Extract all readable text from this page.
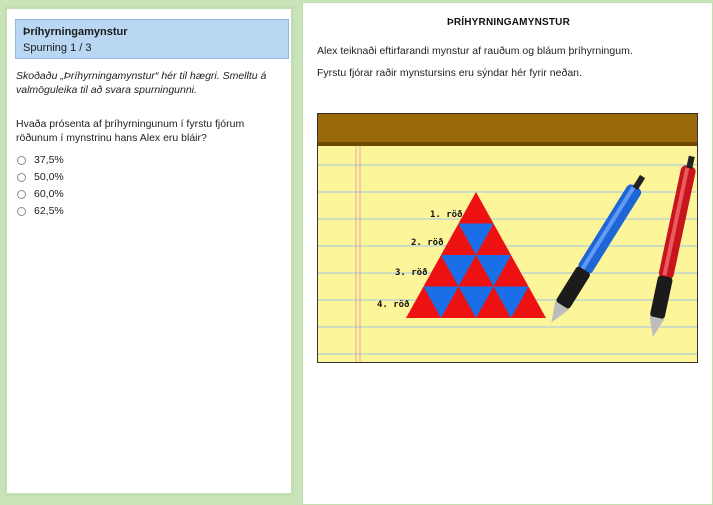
Þríhyrningamynstur
Spurning 1 / 3
Skoðaðu „Þríhyrningamynstur“ hér til hægri. Smelltu á valmöguleika til að svara spurningunni.
Hvaða prósenta af þríhyrningunum í fyrstu fjórum röðunum í mynstrinu hans Alex eru bláir?
37,5%
50,0%
60,0%
62,5%
ÞRÍHYRNINGAMYNSTUR
Alex teiknaði eftirfarandi mynstur af rauðum og bláum þríhyrningum.
Fyrstu fjórar raðir mynstursins eru sýndar hér fyrir neðan.
1. röð
2. röð
3. röð
4. röð
